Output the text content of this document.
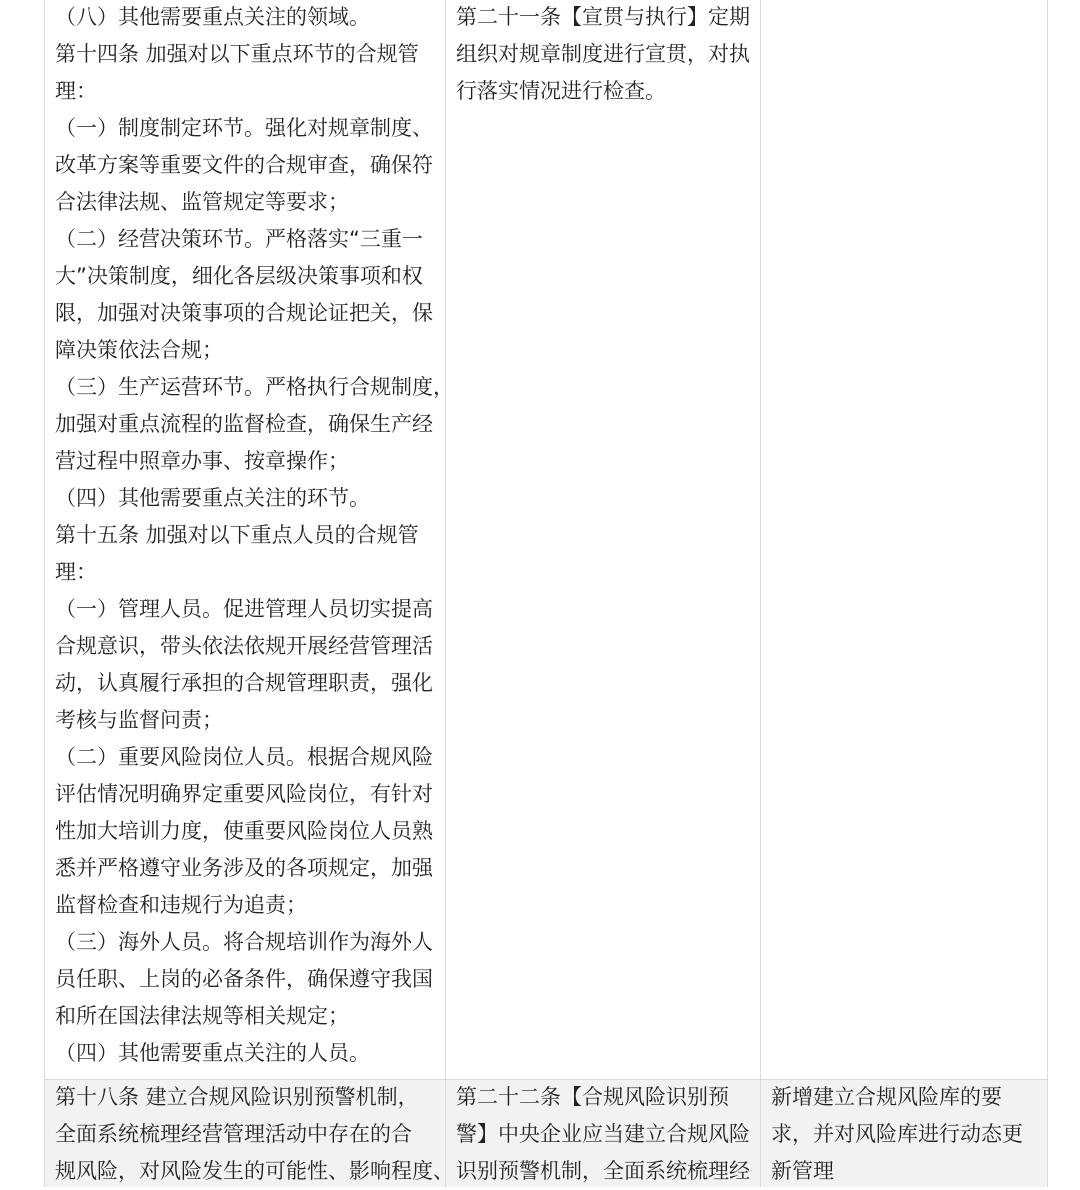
（八）其他需要重点关注的领域。
第十四条 加强对以下重点环节的合规管
理：
（一）制度制定环节。强化对规章制度、
改革方案等重要文件的合规审查，确保符
合法律法规、监管规定等要求；
（二）经营决策环节。严格落实“三重一
大”决策制度，细化各层级决策事项和权
限，加强对决策事项的合规论证把关，保
障决策依法合规；
（三）生产运营环节。严格执行合规制度，
加强对重点流程的监督检查，确保生产经
营过程中照章办事、按章操作；
（四）其他需要重点关注的环节。
第十五条 加强对以下重点人员的合规管
理：
（一）管理人员。促进管理人员切实提高
合规意识，带头依法依规开展经营管理活
动，认真履行承担的合规管理职责，强化
考核与监督问责；
（二）重要风险岗位人员。根据合规风险
评估情况明确界定重要风险岗位，有针对
性加大培训力度，使重要风险岗位人员熟
悉并严格遵守业务涉及的各项规定，加强
监督检查和违规行为追责；
（三）海外人员。将合规培训作为海外人
员任职、上岗的必备条件，确保遵守我国
和所在国法律法规等相关规定；
（四）其他需要重点关注的人员。
第二十一条【宣贯与执行】定期
组织对规章制度进行宣贯，对执
行落实情况进行检查。
第十八条 建立合规风险识别预警机制，
全面系统梳理经营管理活动中存在的合
规风险，对风险发生的可能性、影响程度、
第二十二条【合规风险识别预
警】中央企业应当建立合规风险
识别预警机制，全面系统梳理经
新增建立合规风险库的要
求，并对风险库进行动态更
新管理
